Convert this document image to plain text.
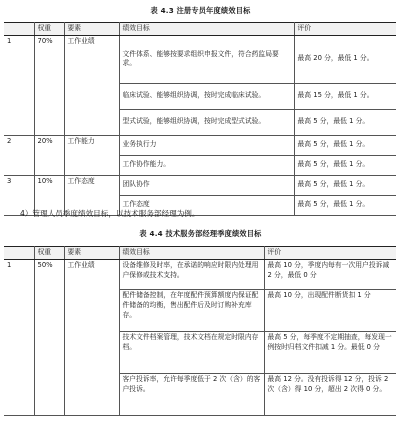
表 4.3 注册专员年度绩效目标
	权重	要素	绩效目标	评价
1	70%	工作业绩	文件体系、能够按要求组织申报文件，符合药监局要求。	最高 20 分，最低 1 分。
			临床试验、能够组织协调，按时完成临床试验。	最高 15 分，最低 1 分。
			型式试验，能够组织协调，按时完成型式试验。	最高 5 分，最低 1 分。
2	20%	工作能力	业务执行力	最高 5 分，最低 1 分。
			工作协作能力。	最高 5 分，最低 1 分。
3	10%	工作态度	团队协作	最高 5 分，最低 1 分。
			工作态度	最高 5 分，最低 1 分。
4）管理人员季度绩效目标，以技术服务部经理为例。
表 4.4 技术服务部经理季度绩效目标
	权重	要素	绩效目标	评价
1	50%	工作业绩	设备维修及时率，在承诺的响应时限内处理用户保修或技术支持。	最高 10 分，季度内每有一次用户投诉减 2 分，最低 0 分
			配件储备控制，在年度配件预算额度内保证配件储备的均衡，售出配件后及时订购补充库存。	最高 10 分，出现配件断货扣 1 分
			技术文件档案管理，技术文档在规定时限内存档。	最高 5 分，每季度不定期抽查，每发现一例按时归档文件扣减 1 分。最低 0 分
			客户投诉率，允许每季度低于 2 次（含）的客户投诉。	最高 12 分。没有投诉得 12 分，投诉 2 次（含）得 10 分，超出 2 次得 0 分。
